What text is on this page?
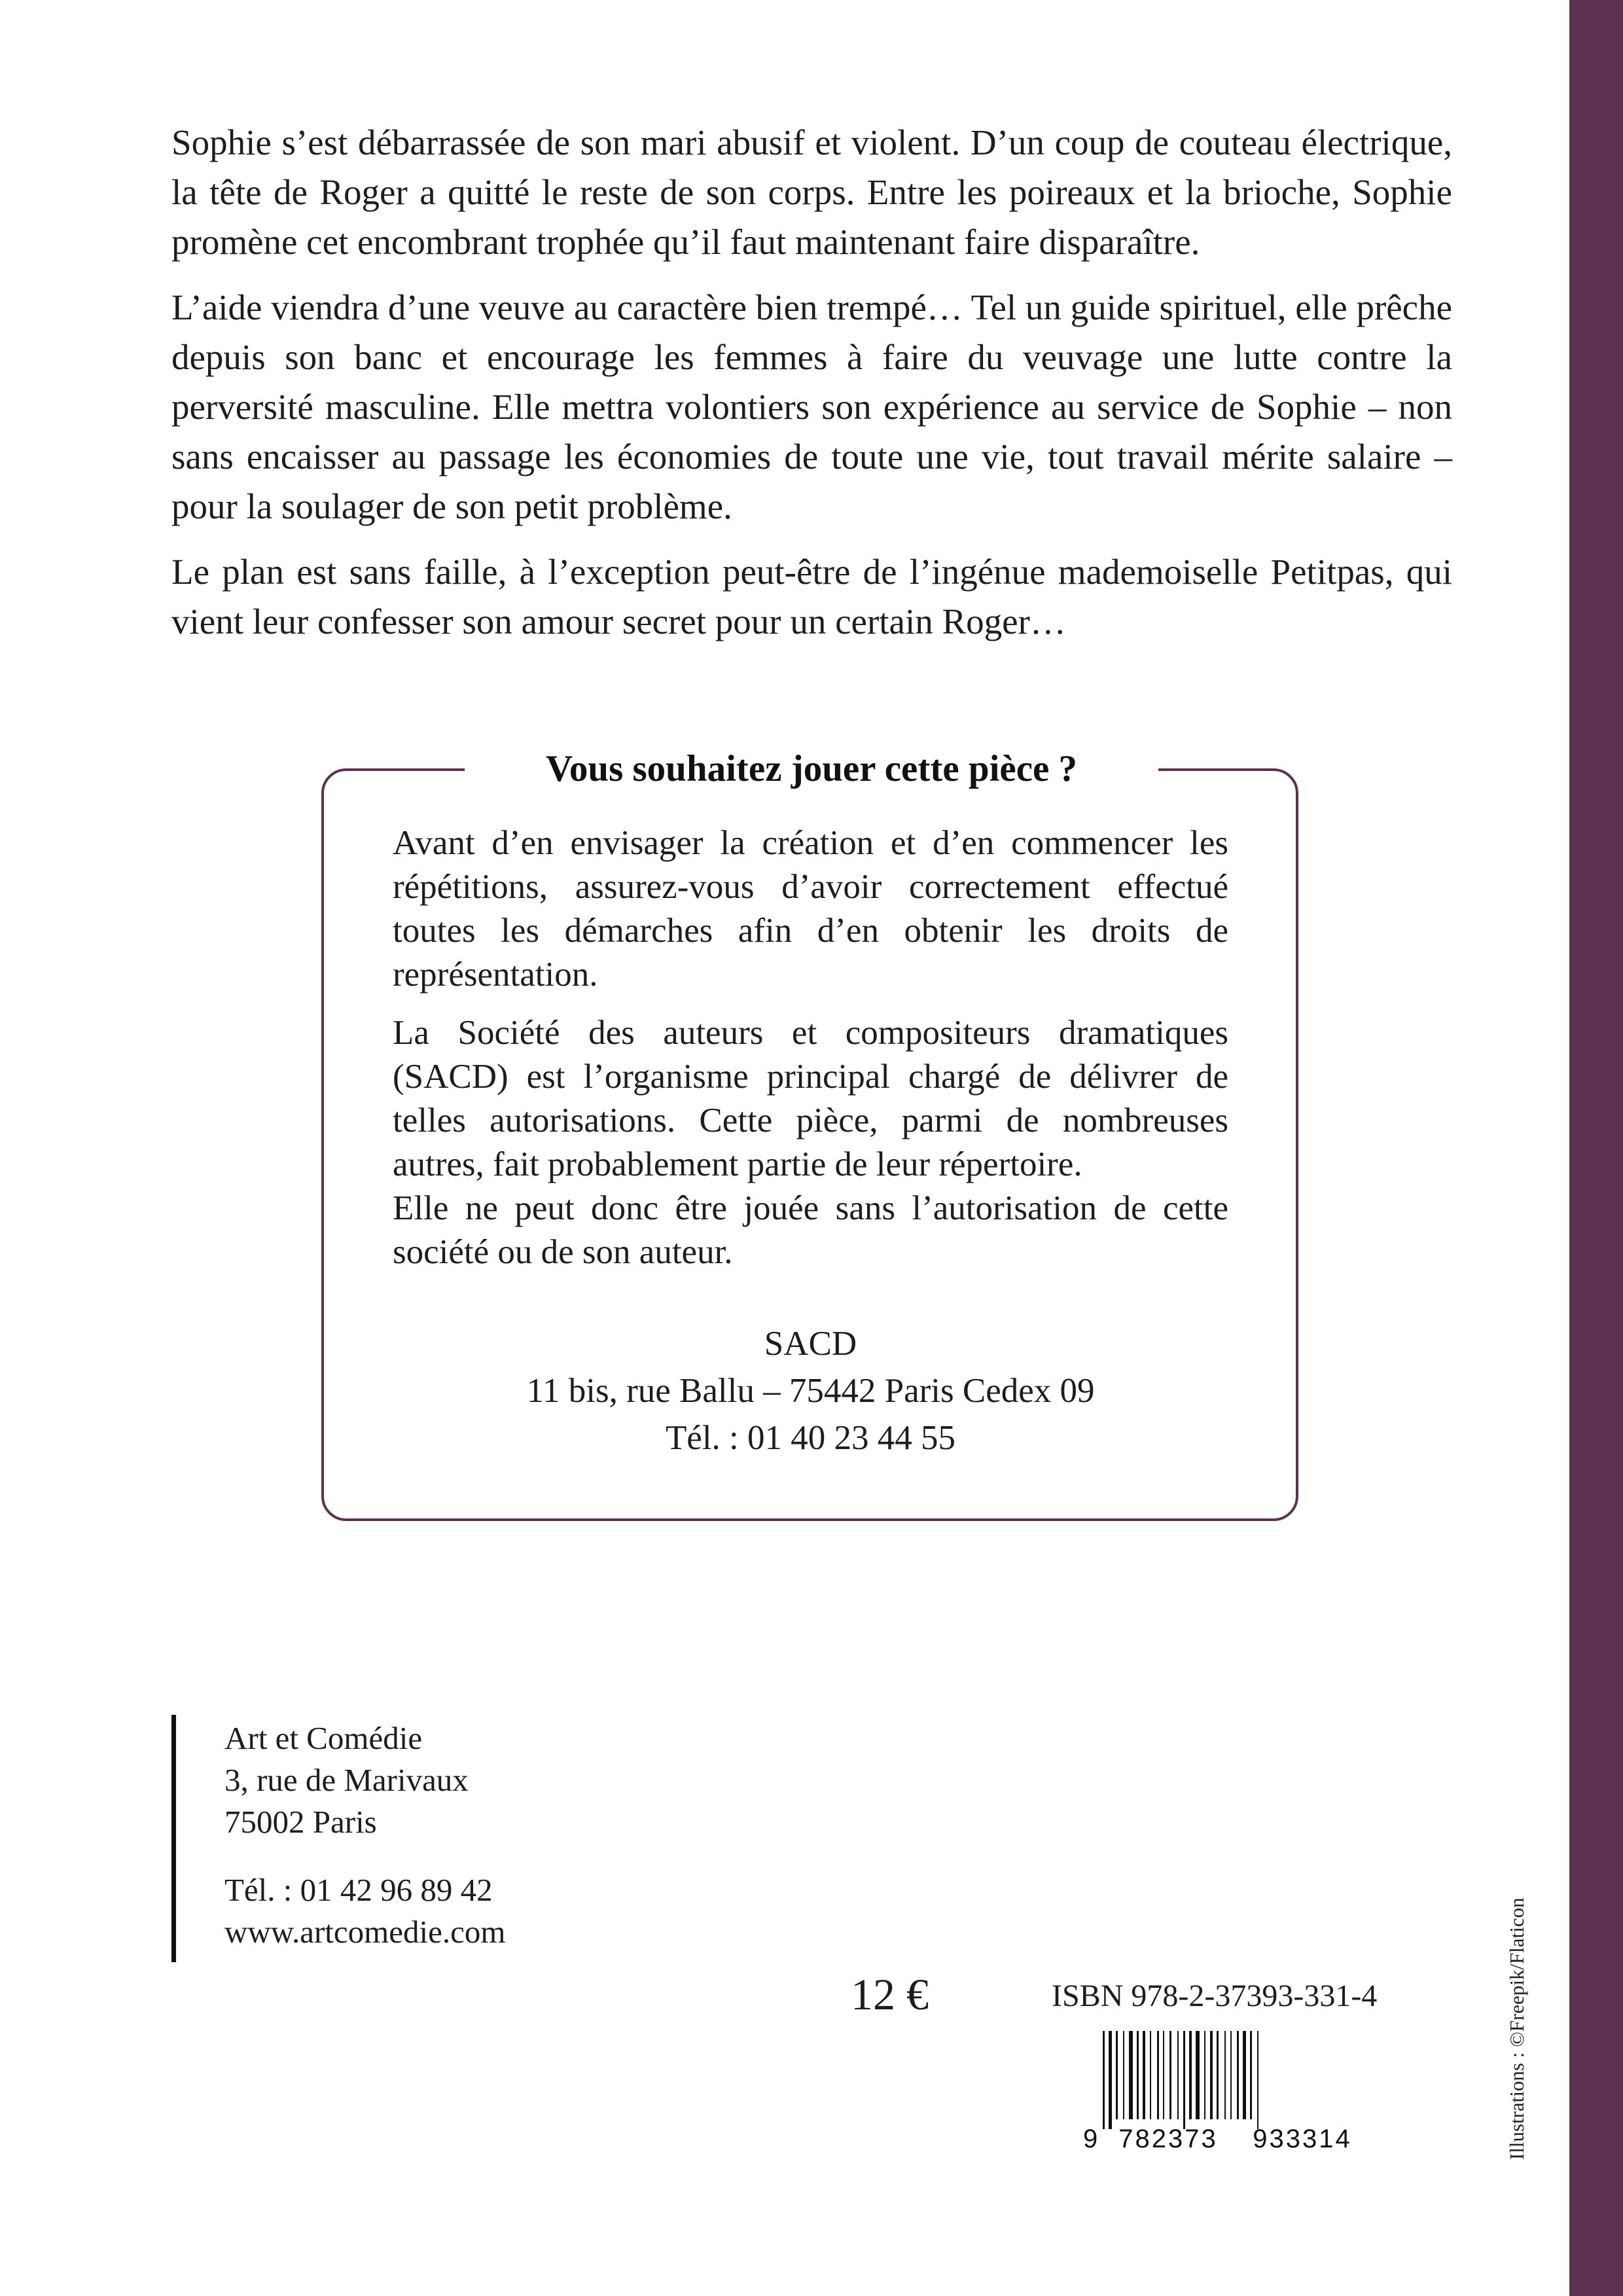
Sophie s’est débarrassée de son mari abusif et violent. D’un coup de couteau électrique, la tête de Roger a quitté le reste de son corps. Entre les poireaux et la brioche, Sophie promène cet encombrant trophée qu’il faut maintenant faire disparaître.

L’aide viendra d’une veuve au caractère bien trempé… Tel un guide spirituel, elle prêche depuis son banc et encourage les femmes à faire du veuvage une lutte contre la perversité masculine. Elle mettra volontiers son expérience au service de Sophie – non sans encaisser au passage les économies de toute une vie, tout travail mérite salaire – pour la soulager de son petit problème.

Le plan est sans faille, à l’exception peut-être de l’ingénue mademoiselle Petitpas, qui vient leur confesser son amour secret pour un certain Roger…

Vous souhaitez jouer cette pièce ?

Avant d’en envisager la création et d’en commencer les répétitions, assurez-vous d’avoir correctement effectué toutes les démarches afin d’en obtenir les droits de représentation.

La Société des auteurs et compositeurs dramatiques (SACD) est l’organisme principal chargé de délivrer de telles autorisations. Cette pièce, parmi de nombreuses autres, fait probablement partie de leur répertoire.

Elle ne peut donc être jouée sans l’autorisation de cette société ou de son auteur.

SACD
11 bis, rue Ballu – 75442 Paris Cedex 09
Tél. : 01 40 23 44 55
Art et Comédie
3, rue de Marivaux
75002 Paris
Tél. : 01 42 96 89 42
www.artcomedie.com
12 €	ISBN 978-2-37393-331-4
9 782373 933314	Illustrations : ©Freepik/Flaticon
